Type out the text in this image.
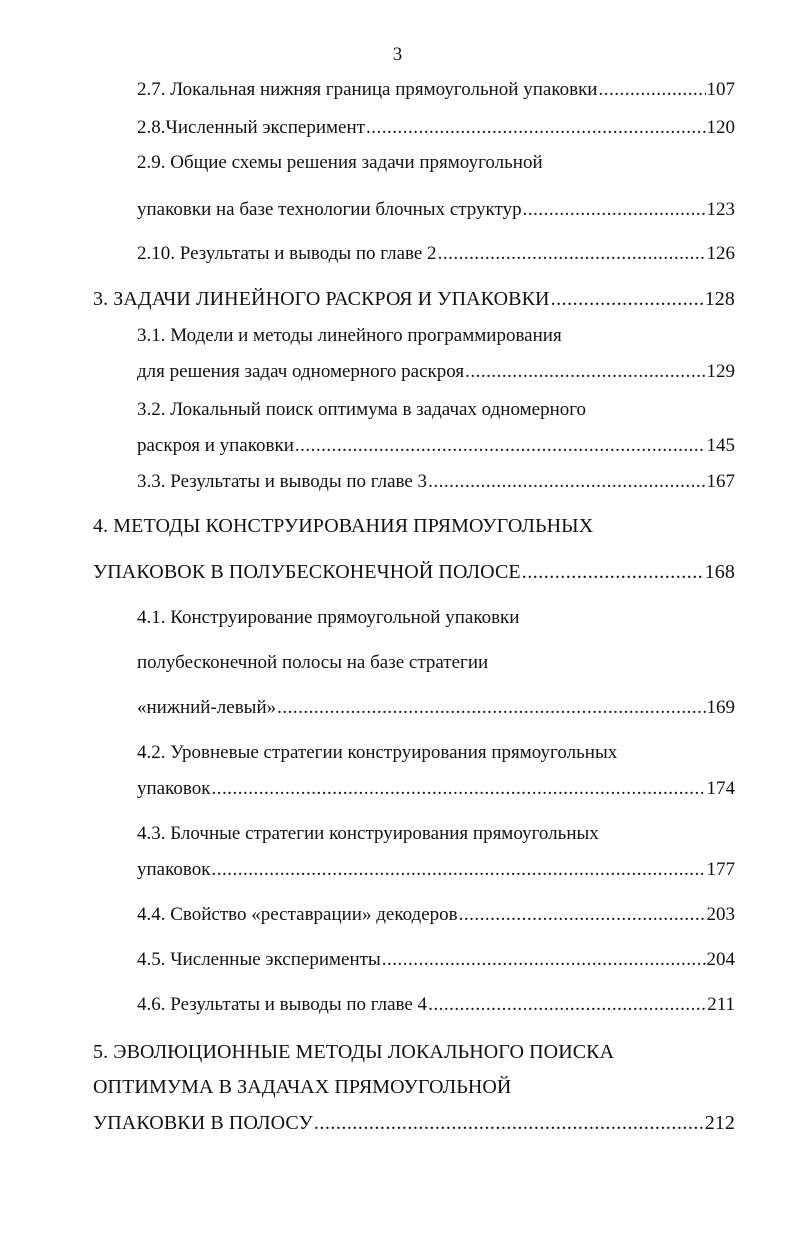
3
2.7. Локальная нижняя граница прямоугольной упаковки .....	107
2.8.Численный эксперимент .....	120
2.9. Общие схемы решения задачи прямоугольной
упаковки на базе технологии блочных структур .....	123
2.10. Результаты и выводы по главе 2 .....	126
3. ЗАДАЧИ ЛИНЕЙНОГО РАСКРОЯ И УПАКОВКИ .....	128
3.1. Модели и методы линейного программирования
для решения задач одномерного раскроя .....	129
3.2. Локальный поиск оптимума в задачах одномерного
раскроя и упаковки .....	145
3.3. Результаты и выводы по главе 3 .....	167
4. МЕТОДЫ КОНСТРУИРОВАНИЯ ПРЯМОУГОЛЬНЫХ
УПАКОВОК В ПОЛУБЕСКОНЕЧНОЙ ПОЛОСЕ .....	168
4.1. Конструирование прямоугольной упаковки
полубесконечной полосы на базе стратегии
«нижний-левый» .....	169
4.2. Уровневые стратегии конструирования прямоугольных
упаковок .....	174
4.3. Блочные стратегии конструирования прямоугольных
упаковок .....	177
4.4. Свойство «реставрации» декодеров .....	203
4.5. Численные эксперименты .....	204
4.6. Результаты и выводы по главе 4 .....	211
5. ЭВОЛЮЦИОННЫЕ МЕТОДЫ ЛОКАЛЬНОГО ПОИСКА
ОПТИМУМА В ЗАДАЧАХ ПРЯМОУГОЛЬНОЙ
УПАКОВКИ В ПОЛОСУ .....	212
